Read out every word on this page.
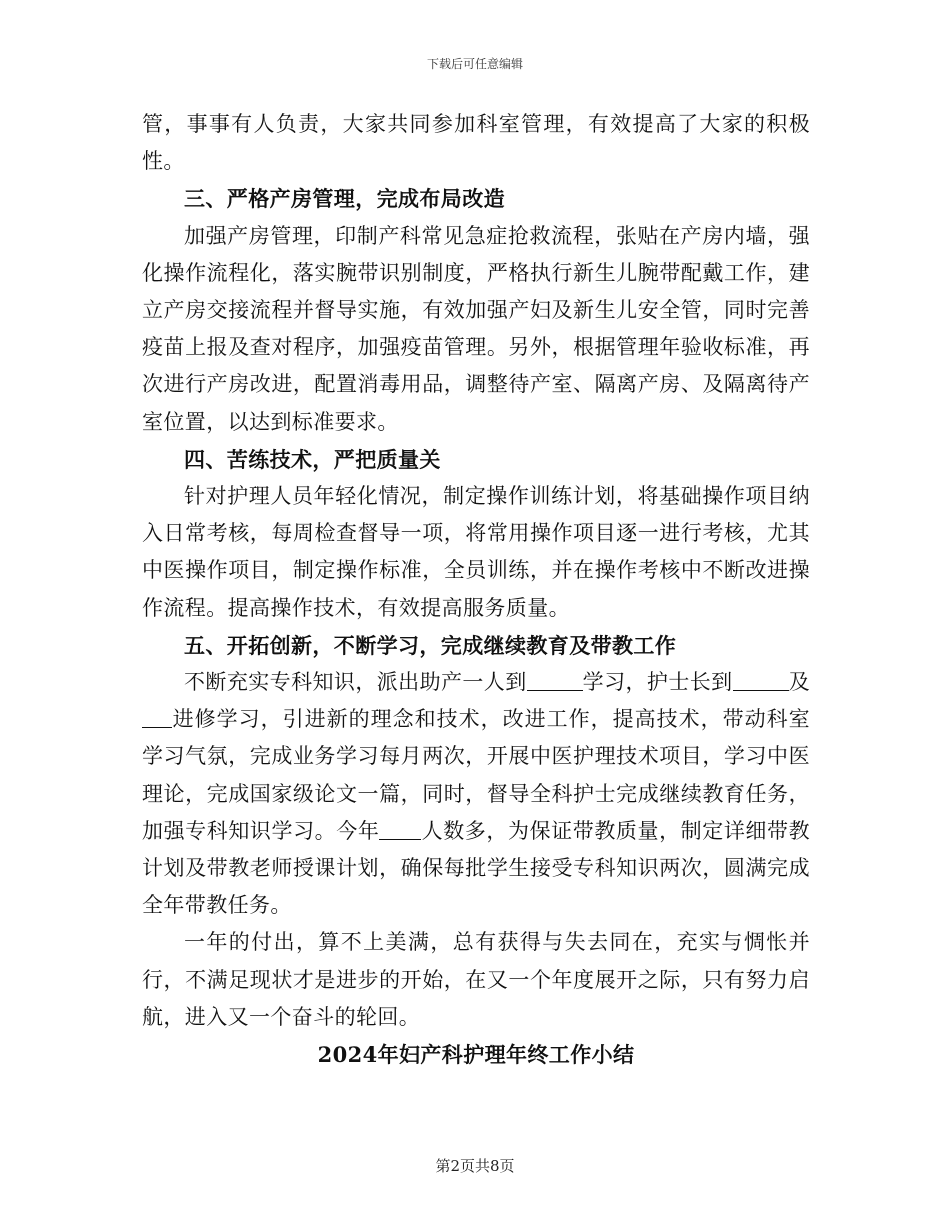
下载后可任意编辑

管，事事有人负责，大家共同参加科室管理，有效提高了大家的积极性。

三、严格产房管理，完成布局改造

加强产房管理，印制产科常见急症抢救流程，张贴在产房内墙，强化操作流程化，落实腕带识别制度，严格执行新生儿腕带配戴工作，建立产房交接流程并督导实施，有效加强产妇及新生儿安全管，同时完善疫苗上报及查对程序，加强疫苗管理。另外，根据管理年验收标准，再次进行产房改进，配置消毒用品，调整待产室、隔离产房、及隔离待产室位置，以达到标准要求。

四、苦练技术，严把质量关

针对护理人员年轻化情况，制定操作训练计划，将基础操作项目纳入日常考核，每周检查督导一项，将常用操作项目逐一进行考核，尤其中医操作项目，制定操作标准，全员训练，并在操作考核中不断改进操作流程。提高操作技术，有效提高服务质量。

五、开拓创新，不断学习，完成继续教育及带教工作

不断充实专科知识，派出助产一人到	学习，护士长到	及进修学习，引进新的理念和技术，改进工作，提高技术，带动科室学习气氛，完成业务学习每月两次，开展中医护理技术项目，学习中医理论，完成国家级论文一篇，同时，督导全科护士完成继续教育任务，加强专科知识学习。今年 人数多，为保证带教质量，制定详细带教计划及带教老师授课计划，确保每批学生接受专科知识两次，圆满完成全年带教任务。

一年的付出，算不上美满，总有获得与失去同在，充实与惆怅并行，不满足现状才是进步的开始，在又一个年度展开之际，只有努力启航，进入又一个奋斗的轮回。

2024年妇产科护理年终工作小结

第2页共8页
